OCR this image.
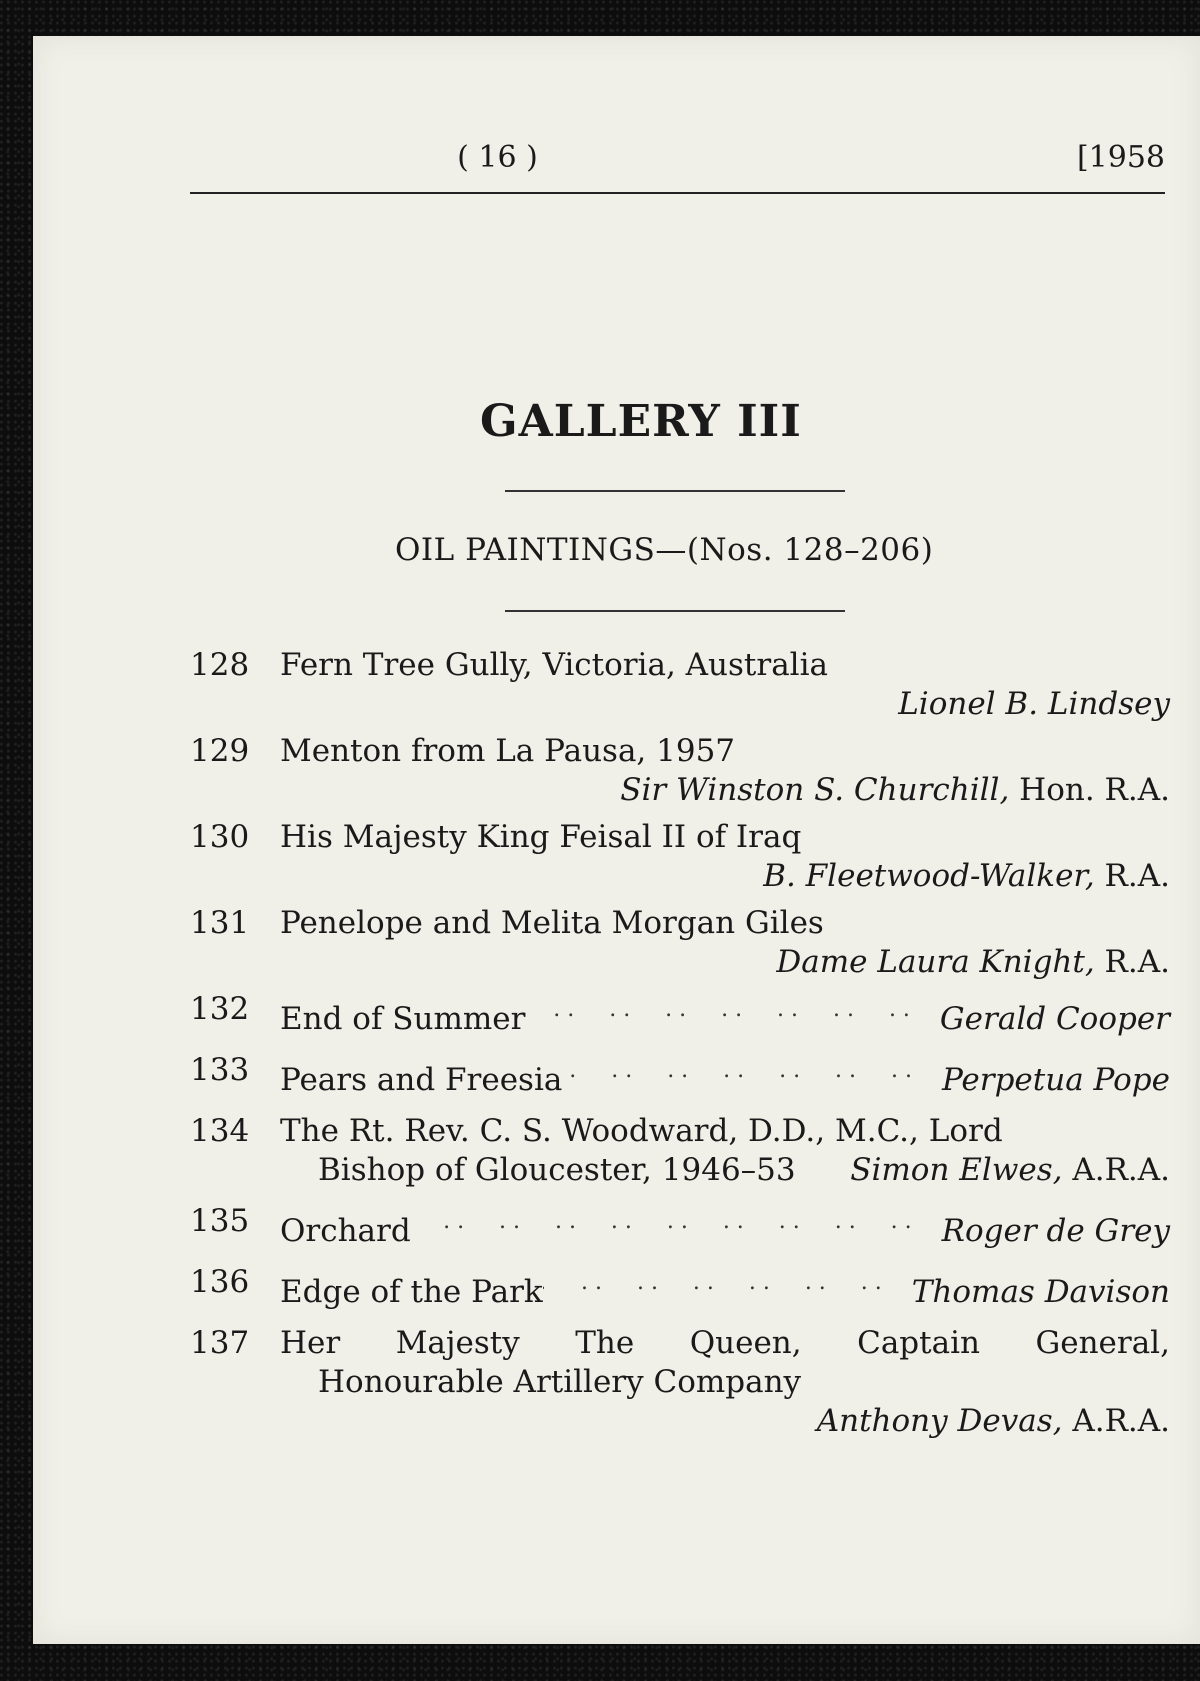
( 16 )	[1958
GALLERY III
OIL PAINTINGS—(Nos. 128–206)
128 Fern Tree Gully, Victoria, Australia
Lionel B. Lindsey
129 Menton from La Pausa, 1957
Sir Winston S. Churchill, Hon. R.A.
130 His Majesty King Feisal II of Iraq
B. Fleetwood-Walker, R.A.
131 Penelope and Melita Morgan Giles
Dame Laura Knight, R.A.
132 End of Summer . .	Gerald Cooper
133 Pears and Freesia . .	Perpetua Pope
134 The Rt. Rev. C. S. Woodward, D.D., M.C., Lord
Bishop of Gloucester, 1946–53 Simon Elwes, A.R.A.
135 Orchard . .	Roger de Grey
136 Edge of the Park . .	Thomas Davison
137 Her Majesty The Queen, Captain General,
Honourable Artillery Company
Anthony Devas, A.R.A.
